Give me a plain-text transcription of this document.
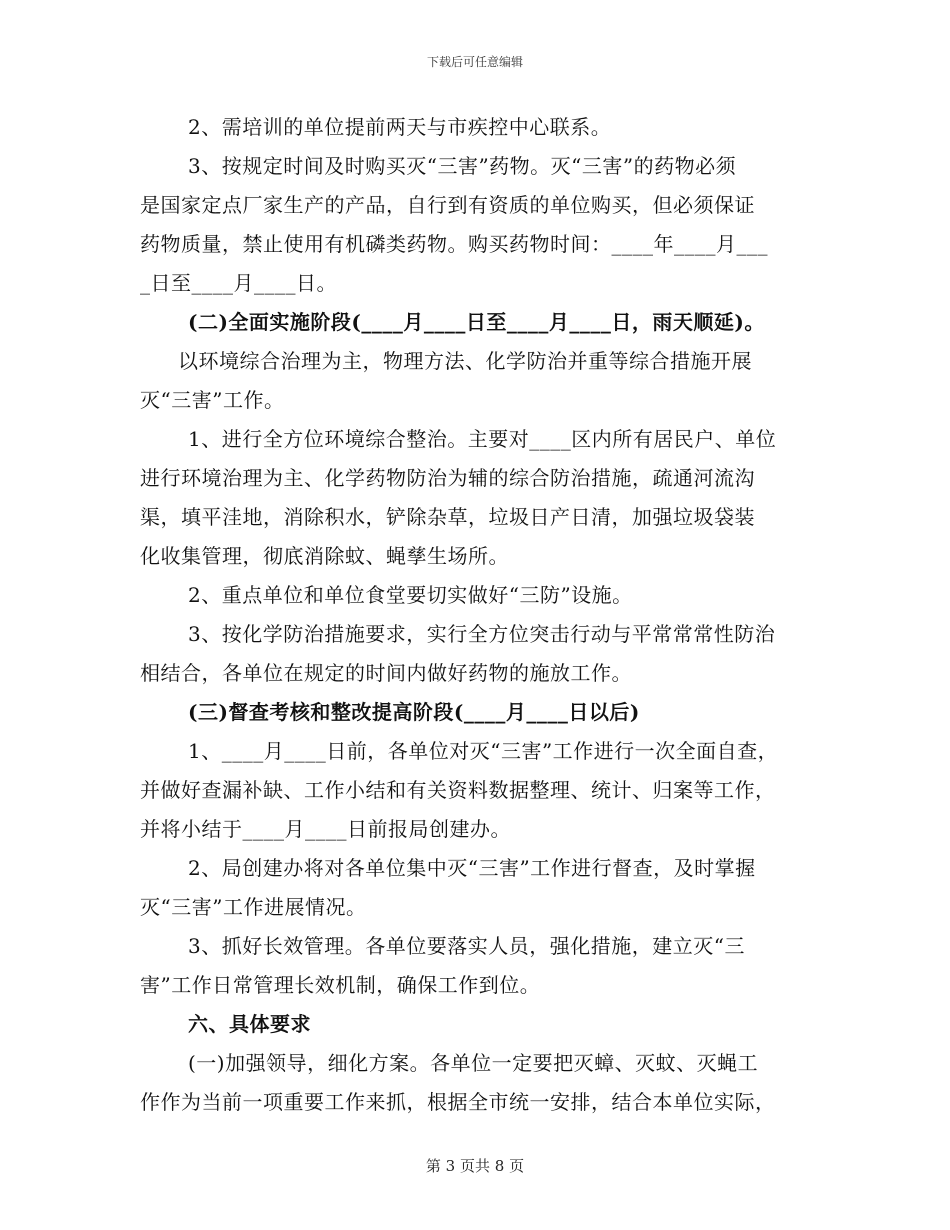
下载后可任意编辑
2、需培训的单位提前两天与市疾控中心联系。
3、按规定时间及时购买灭“三害”药物。灭“三害”的药物必须
是国家定点厂家生产的产品，自行到有资质的单位购买，但必须保证
药物质量，禁止使用有机磷类药物。购买药物时间：____年____月___
_日至____月____日。
(二)全面实施阶段(____月____日至____月____日，雨天顺延)。
以环境综合治理为主，物理方法、化学防治并重等综合措施开展
灭“三害”工作。
1、进行全方位环境综合整治。主要对____区内所有居民户、单位
进行环境治理为主、化学药物防治为辅的综合防治措施，疏通河流沟
渠，填平洼地，消除积水，铲除杂草，垃圾日产日清，加强垃圾袋装
化收集管理，彻底消除蚊、蝇孳生场所。
2、重点单位和单位食堂要切实做好“三防”设施。
3、按化学防治措施要求，实行全方位突击行动与平常常常性防治
相结合，各单位在规定的时间内做好药物的施放工作。
(三)督查考核和整改提高阶段(____月____日以后)
1、____月____日前，各单位对灭“三害”工作进行一次全面自查，
并做好查漏补缺、工作小结和有关资料数据整理、统计、归案等工作，
并将小结于____月____日前报局创建办。
2、局创建办将对各单位集中灭“三害”工作进行督查，及时掌握
灭“三害”工作进展情况。
3、抓好长效管理。各单位要落实人员，强化措施，建立灭“三
害”工作日常管理长效机制，确保工作到位。
六、具体要求
(一)加强领导，细化方案。各单位一定要把灭蟑、灭蚊、灭蝇工
作作为当前一项重要工作来抓，根据全市统一安排，结合本单位实际，
第 3 页共 8 页
